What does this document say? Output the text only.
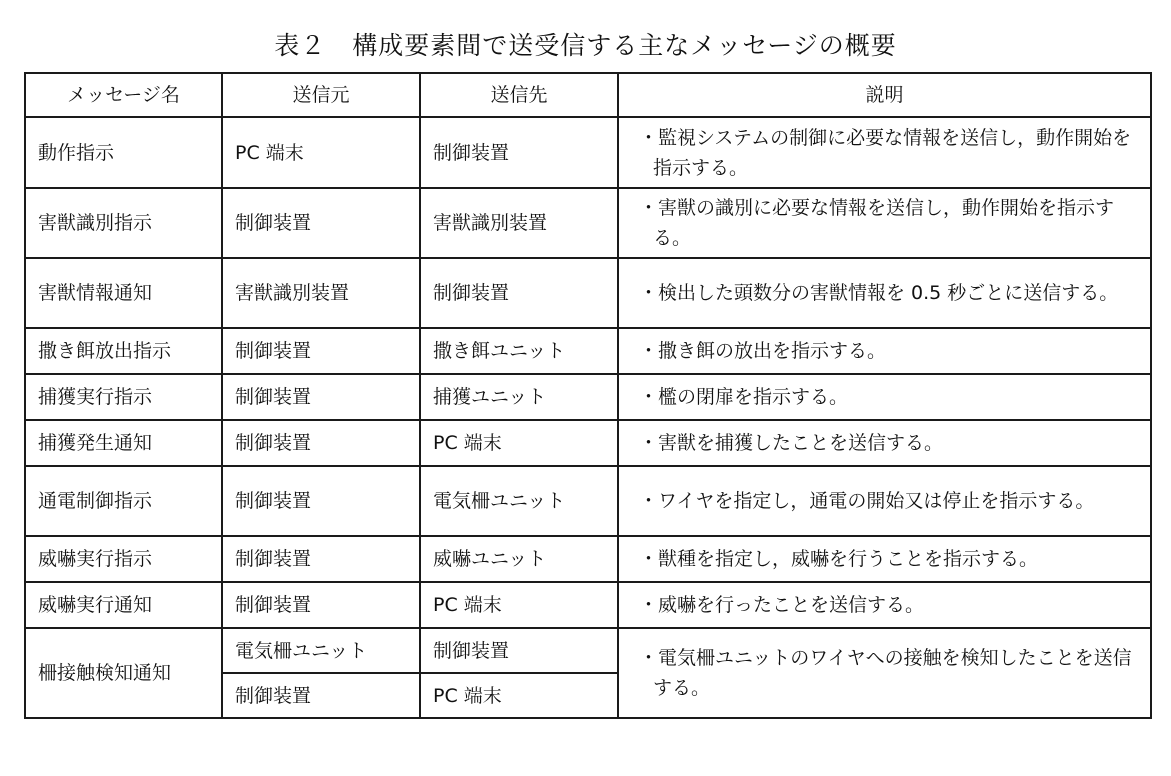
表２　構成要素間で送受信する主なメッセージの概要
メッセージ名	送信元	送信先	説明
動作指示	PC 端末	制御装置	・監視システムの制御に必要な情報を送信し，動作開始を指示する。
害獣識別指示	制御装置	害獣識別装置	・害獣の識別に必要な情報を送信し，動作開始を指示する。
害獣情報通知	害獣識別装置	制御装置	・検出した頭数分の害獣情報を 0.5 秒ごとに送信する。
撒き餌放出指示	制御装置	撒き餌ユニット	・撒き餌の放出を指示する。
捕獲実行指示	制御装置	捕獲ユニット	・檻の閉扉を指示する。
捕獲発生通知	制御装置	PC 端末	・害獣を捕獲したことを送信する。
通電制御指示	制御装置	電気柵ユニット	・ワイヤを指定し，通電の開始又は停止を指示する。
威嚇実行指示	制御装置	威嚇ユニット	・獣種を指定し，威嚇を行うことを指示する。
威嚇実行通知	制御装置	PC 端末	・威嚇を行ったことを送信する。
柵接触検知通知	電気柵ユニット	制御装置	・電気柵ユニットのワイヤへの接触を検知したことを送信する。
	制御装置	PC 端末	
